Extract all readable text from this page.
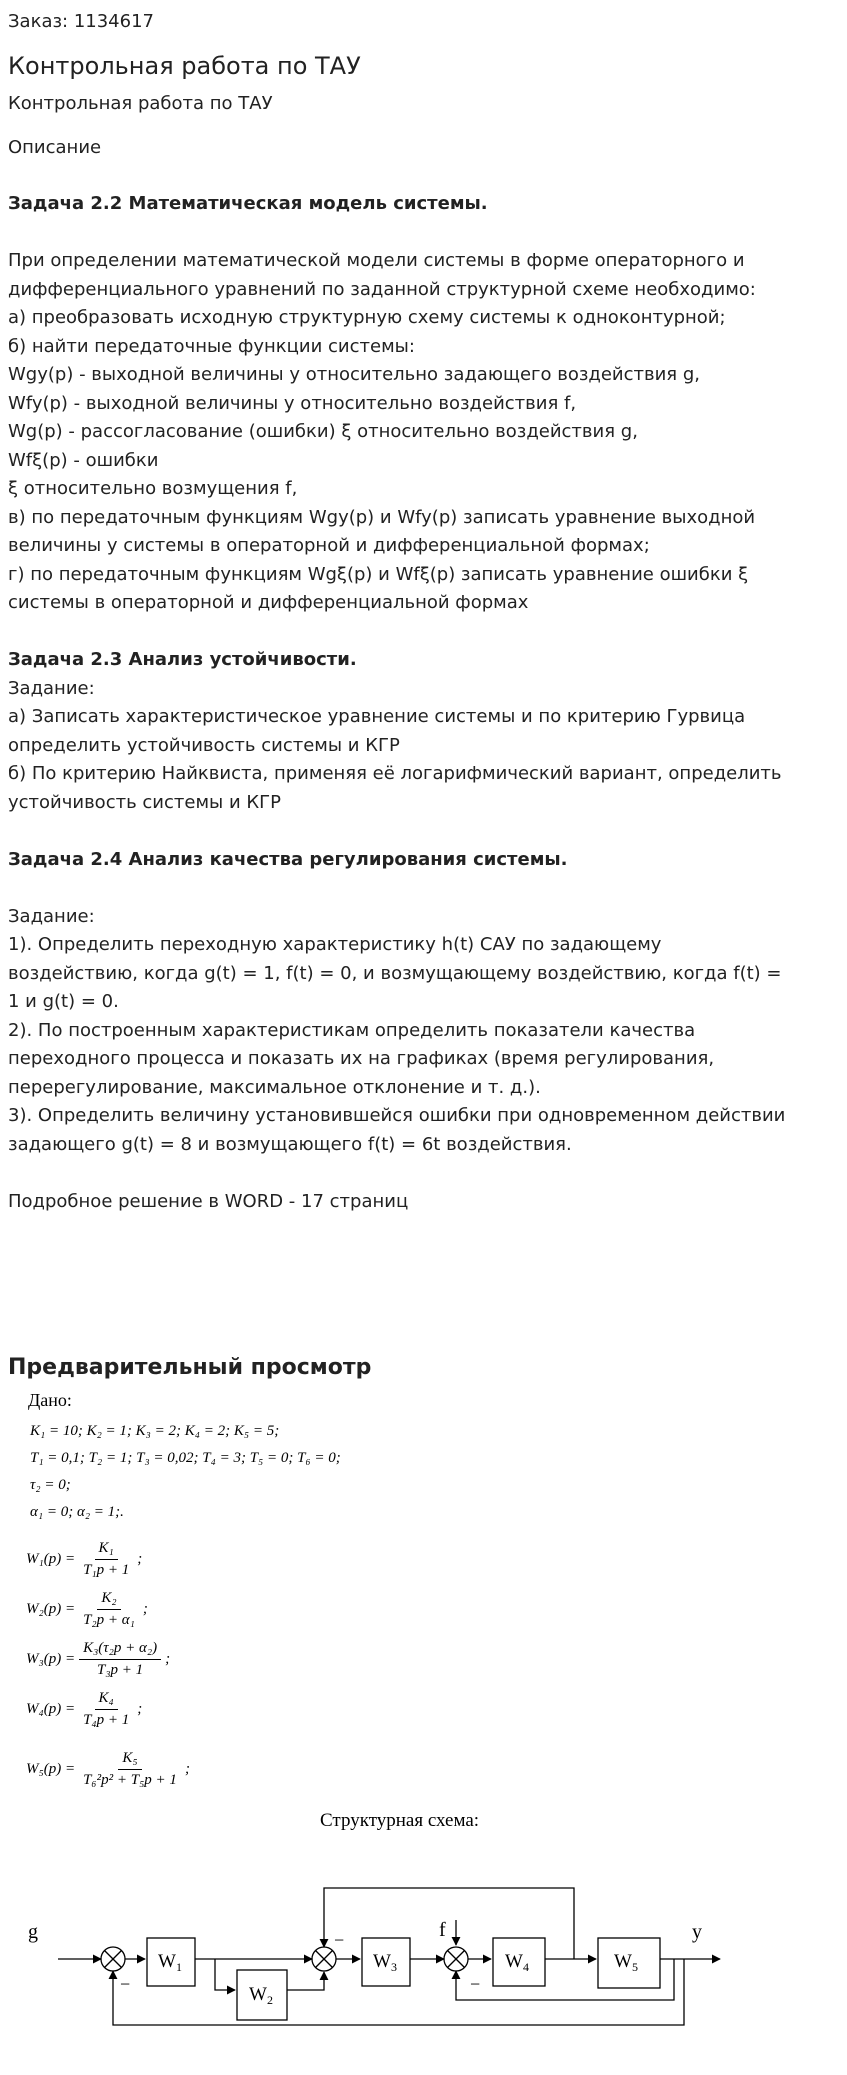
Заказ: 1134617

Контрольная работа по ТАУ

Контрольная работа по ТАУ

Описание

Задача 2.2 Математическая модель системы.

При определении математической модели системы в форме операторного и

дифференциального уравнений по заданной структурной схеме необходимо:

а) преобразовать исходную структурную схему системы к одноконтурной;

б) найти передаточные функции системы:

Wgy(p) - выходной величины y относительно задающего воздействия g,

Wfy(p) - выходной величины y относительно воздействия f,

Wg(p) - рассогласование (ошибки) ξ относительно воздействия g,

Wfξ(p) - ошибки

ξ относительно возмущения f,

в) по передаточным функциям Wgy(p) и Wfy(p) записать уравнение выходной

величины y системы в операторной и дифференциальной формах;

г) по передаточным функциям Wgξ(p) и Wfξ(p) записать уравнение ошибки ξ

системы в операторной и дифференциальной формах

Задача 2.3 Анализ устойчивости.

Задание:

а) Записать характеристическое уравнение системы и по критерию Гурвица

определить устойчивость системы и КГР

б) По критерию Найквиста, применяя её логарифмический вариант, определить

устойчивость системы и КГР

Задача 2.4 Анализ качества регулирования системы.

Задание:

1). Определить переходную характеристику h(t) САУ по задающему

воздействию, когда g(t) = 1, f(t) = 0, и возмущающему воздействию, когда f(t) =

1 и g(t) = 0.

2). По построенным характеристикам определить показатели качества

переходного процесса и показать их на графиках (время регулирования,

перерегулирование, максимальное отклонение и т. д.).

3). Определить величину установившейся ошибки при одновременном действии

задающего g(t) = 8 и возмущающего f(t) = 6t воздействия.

Подробное решение в WORD - 17 страниц

Предварительный просмотр
Дано:
K₁ = 10; K₂ = 1; K₃ = 2; K₄ = 2; K₅ = 5;
T₁ = 0,1; T₂ = 1; T₃ = 0,02; T₄ = 3; T₅ = 0; T₆ = 0;
τ₂ = 0;
α₁ = 0; α₂ = 1;.
$W_1(p) = \frac{\text{K₁}}{\text{T₁p + 1}}$ ;
$W_2(p) = \frac{\text{K₂}}{\text{T₂p + α₁}}$ ;
$W_3(p) = \frac{\text{K₃(τ₂p + α₂)}}{\text{T₃p + 1}}$ ;
$W_4(p) = \frac{\text{K₄}}{\text{T₄p + 1}}$ ;
$W_5(p) = \frac{\text{K₅}}{\text{T₆²p² + T₅p + 1}}$ ;
Структурная схема:
g
−
$W_1$
$W_2$
−
$W_3$
f
−
$W_4$	$W_5$
y
